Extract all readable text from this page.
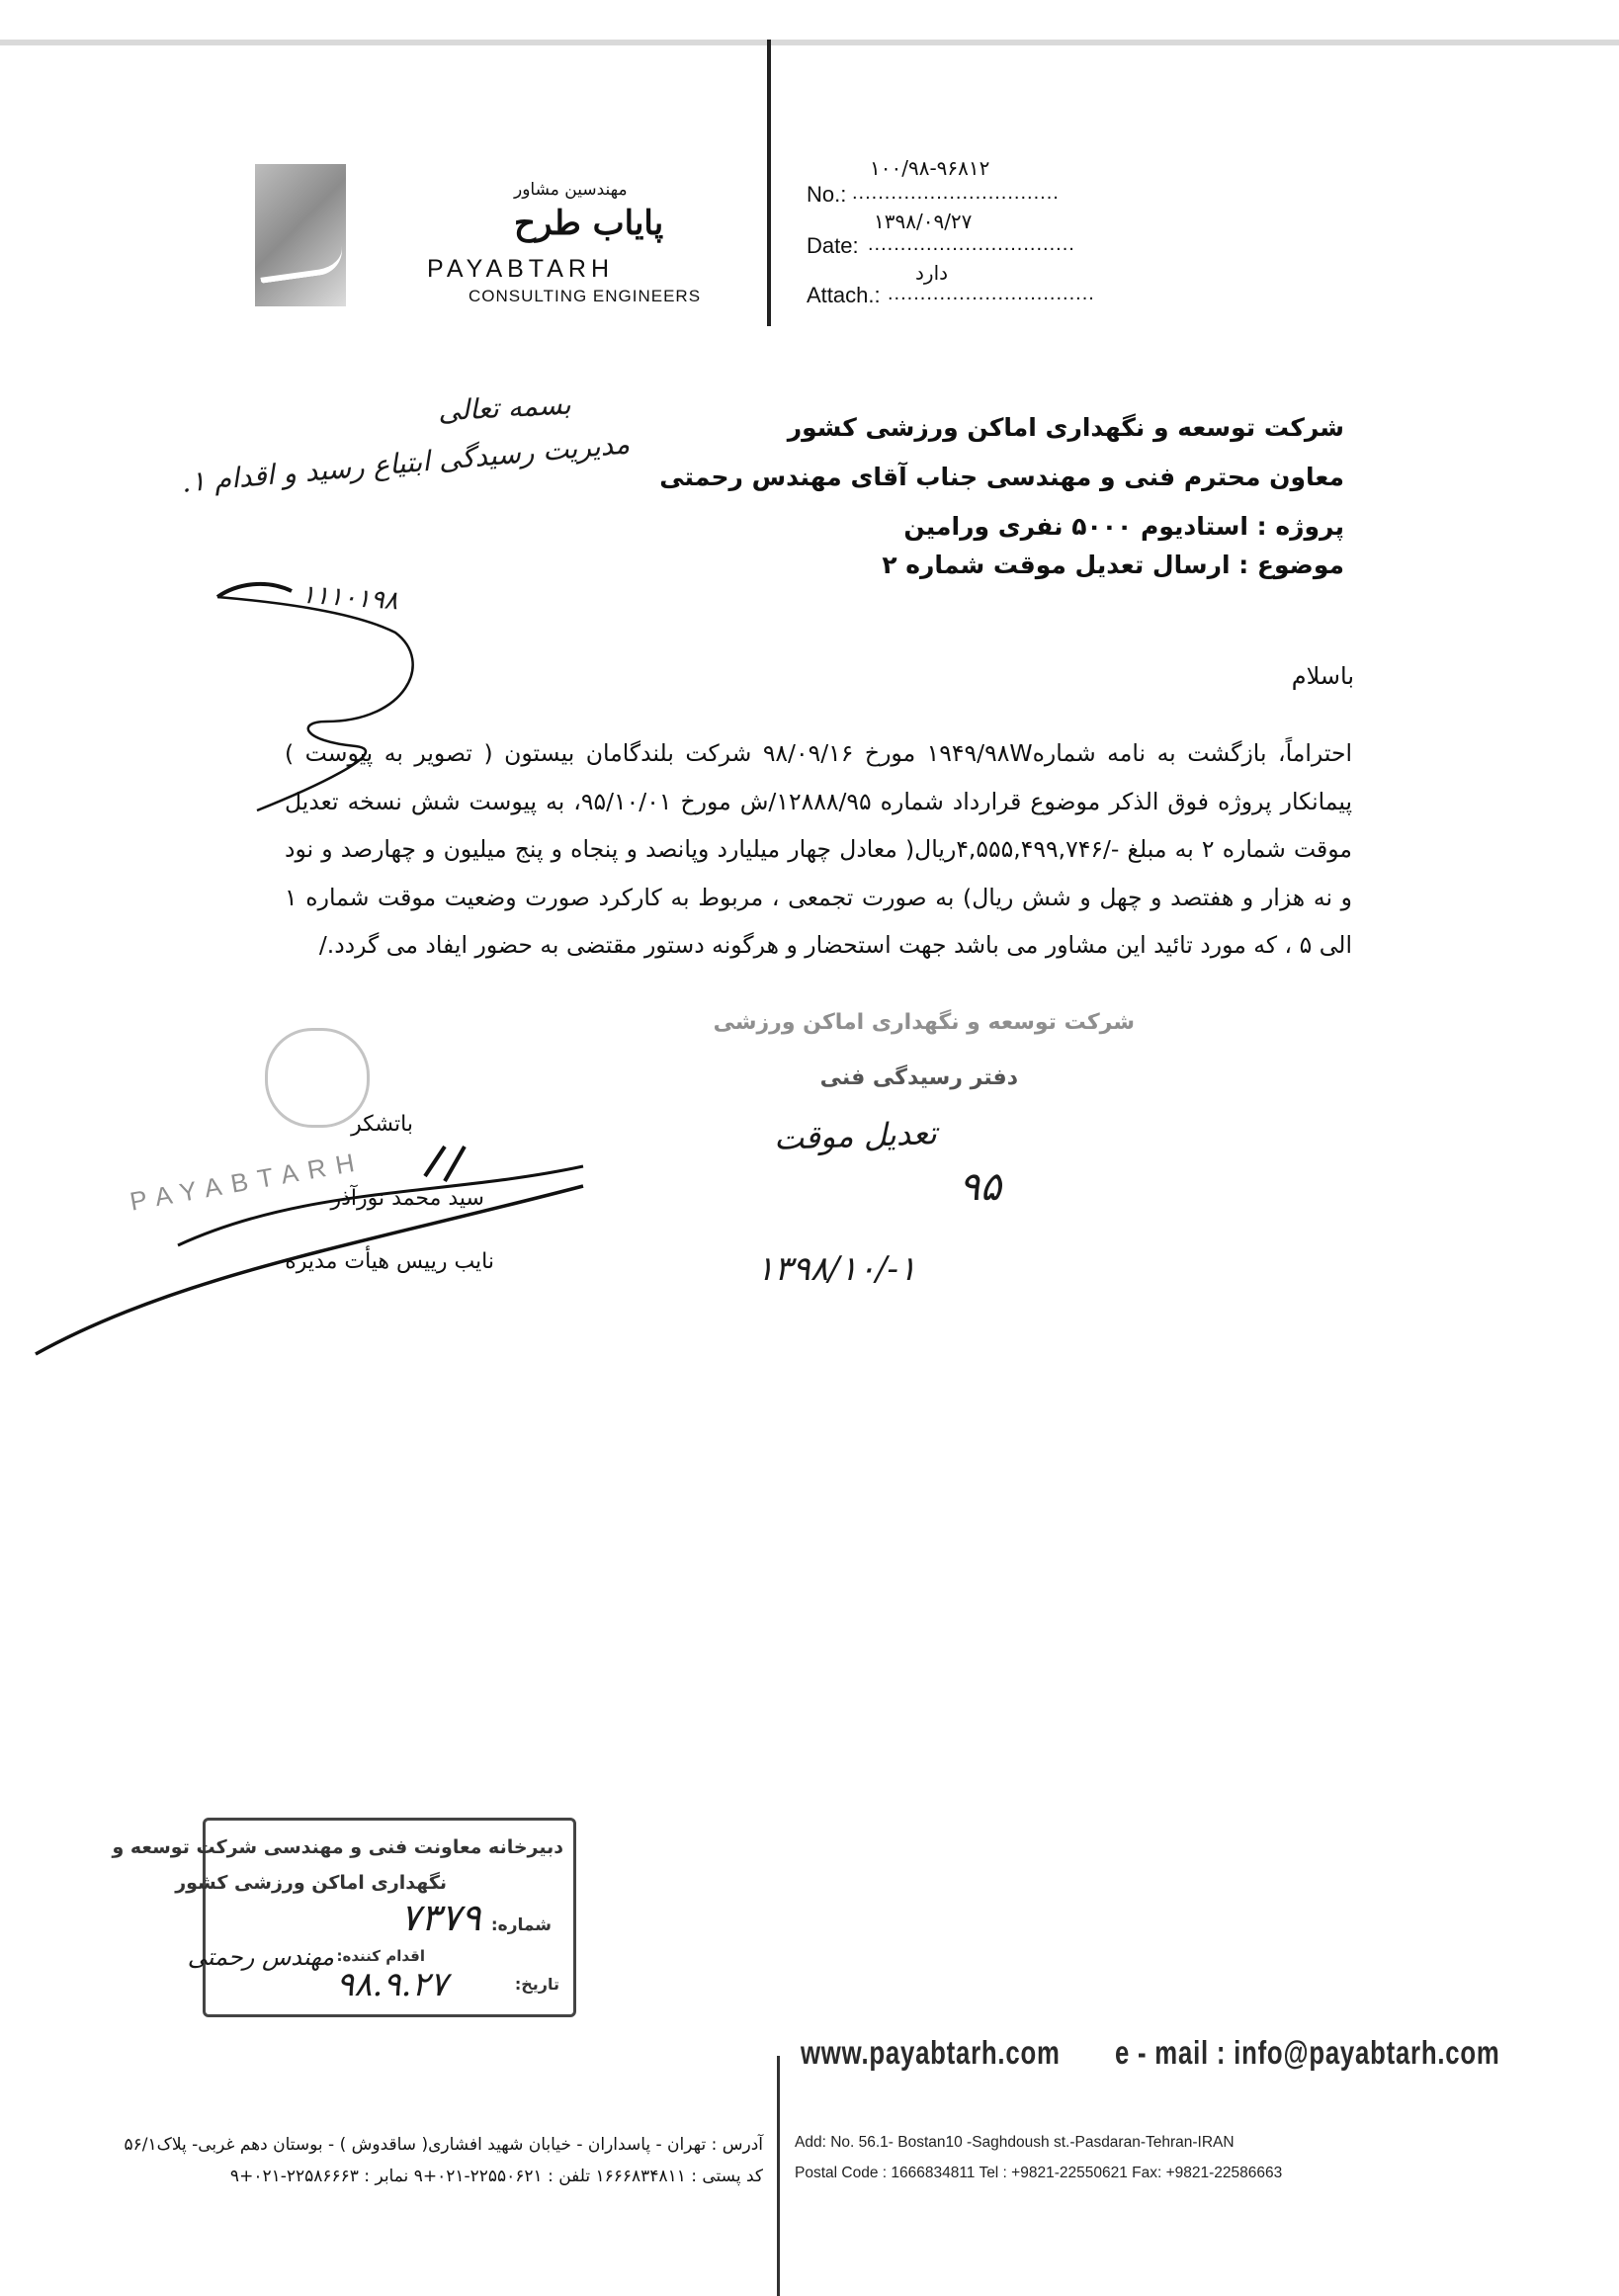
مهندسین مشاور
پایاب طرح
PAYABTARH
CONSULTING ENGINEERS
۱۰۰/۹۸-۹۶۸۱۲
No.: ................................
۱۳۹۸/۰۹/۲۷
Date: ................................
دارد
Attach.: ................................
بسمه تعالی
مدیریت رسیدگی ابتیاع رسید و اقدام ۱.
۱۱۱۰۱۹۸
شرکت توسعه و نگهداری اماکن ورزشی کشور
معاون محترم فنی و مهندسی جناب آقای مهندس رحمتی
پروژه : استادیوم ۵۰۰۰ نفری ورامین
موضوع : ارسال تعدیل موقت شماره ۲
باسلام
احتراماً، بازگشت به نامه شماره۱۹۴۹/۹۸W مورخ ۹۸/۰۹/۱۶ شرکت بلندگامان بیستون ( تصویر به پیوست ) پیمانکار پروژه فوق الذکر موضوع قرارداد شماره ۱۲۸۸۸/۹۵/ش مورخ ۹۵/۱۰/۰۱، به پیوست شش نسخه تعدیل موقت شماره ۲ به مبلغ -/۴,۵۵۵,۴۹۹,۷۴۶ریال( معادل چهار میلیارد وپانصد و پنجاه و پنج میلیون و چهارصد و نود و نه هزار و هفتصد و چهل و شش ریال) به صورت تجمعی ، مربوط به کارکرد صورت وضعیت موقت شماره ۱ الی ۵ ، که مورد تائید این مشاور می باشد جهت استحضار و هرگونه دستور مقتضی به حضور ایفاد می گردد./
PAYABTARH
باتشکر
سید محمد نورآذر
نایب رییس هیأت مدیره
شرکت توسعه و نگهداری اماکن ورزشی
دفتر رسیدگی فنی
تعدیل موقت
۹۵
۱۳۹۸/۱۰/-۱
دبیرخانه معاونت فنی و مهندسی شرکت توسعه و
نگهداری اماکن ورزشی کشور
شماره:
۷۳۷۹
اقدام کننده:
مهندس رحمتی
تاریخ:
۹۸.۹.۲۷
www.payabtarh.com e - mail : info@payabtarh.com
آدرس : تهران - پاسداران - خیابان شهید افشاری( ساقدوش ) - بوستان دهم غربی- پلاک۵۶/۱
کد پستی : ۱۶۶۶۸۳۴۸۱۱ تلفن : ۲۲۵۵۰۶۲۱-۰۲۱+۹ نمابر : ۲۲۵۸۶۶۶۳-۰۲۱+۹
Add: No. 56.1- Bostan10 -Saghdoush st.-Pasdaran-Tehran-IRAN
Postal Code : 1666834811 Tel : +9821-22550621 Fax: +9821-22586663
